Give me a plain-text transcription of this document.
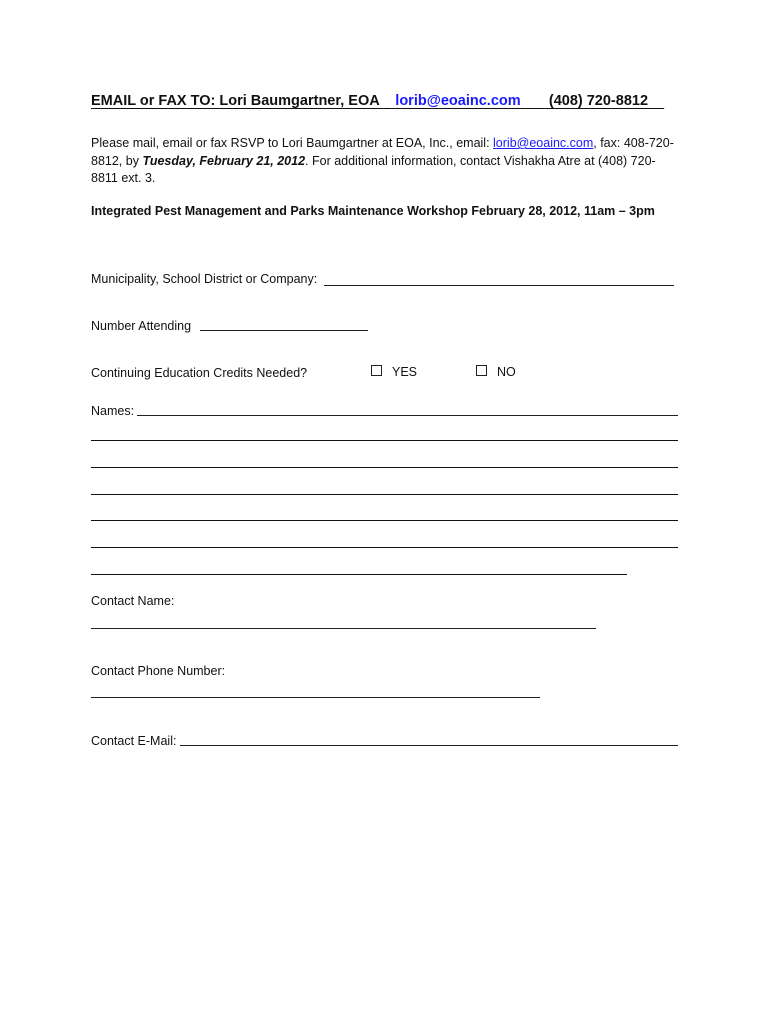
EMAIL or FAX TO: Lori Baumgartner, EOA    lorib@eoainc.com (408) 720-8812
Please mail, email or fax RSVP to Lori Baumgartner at EOA, Inc., email: lorib@eoainc.com, fax: 408-720-8812, by Tuesday, February 21, 2012. For additional information, contact Vishakha Atre at (408) 720-8811 ext. 3.
Integrated Pest Management and Parks Maintenance Workshop February 28, 2012, 11am – 3pm
Municipality, School District or Company:
Number Attending
Continuing Education Credits Needed?	YES	NO
Names:
Contact Name:
Contact Phone Number:
Contact E-Mail:
